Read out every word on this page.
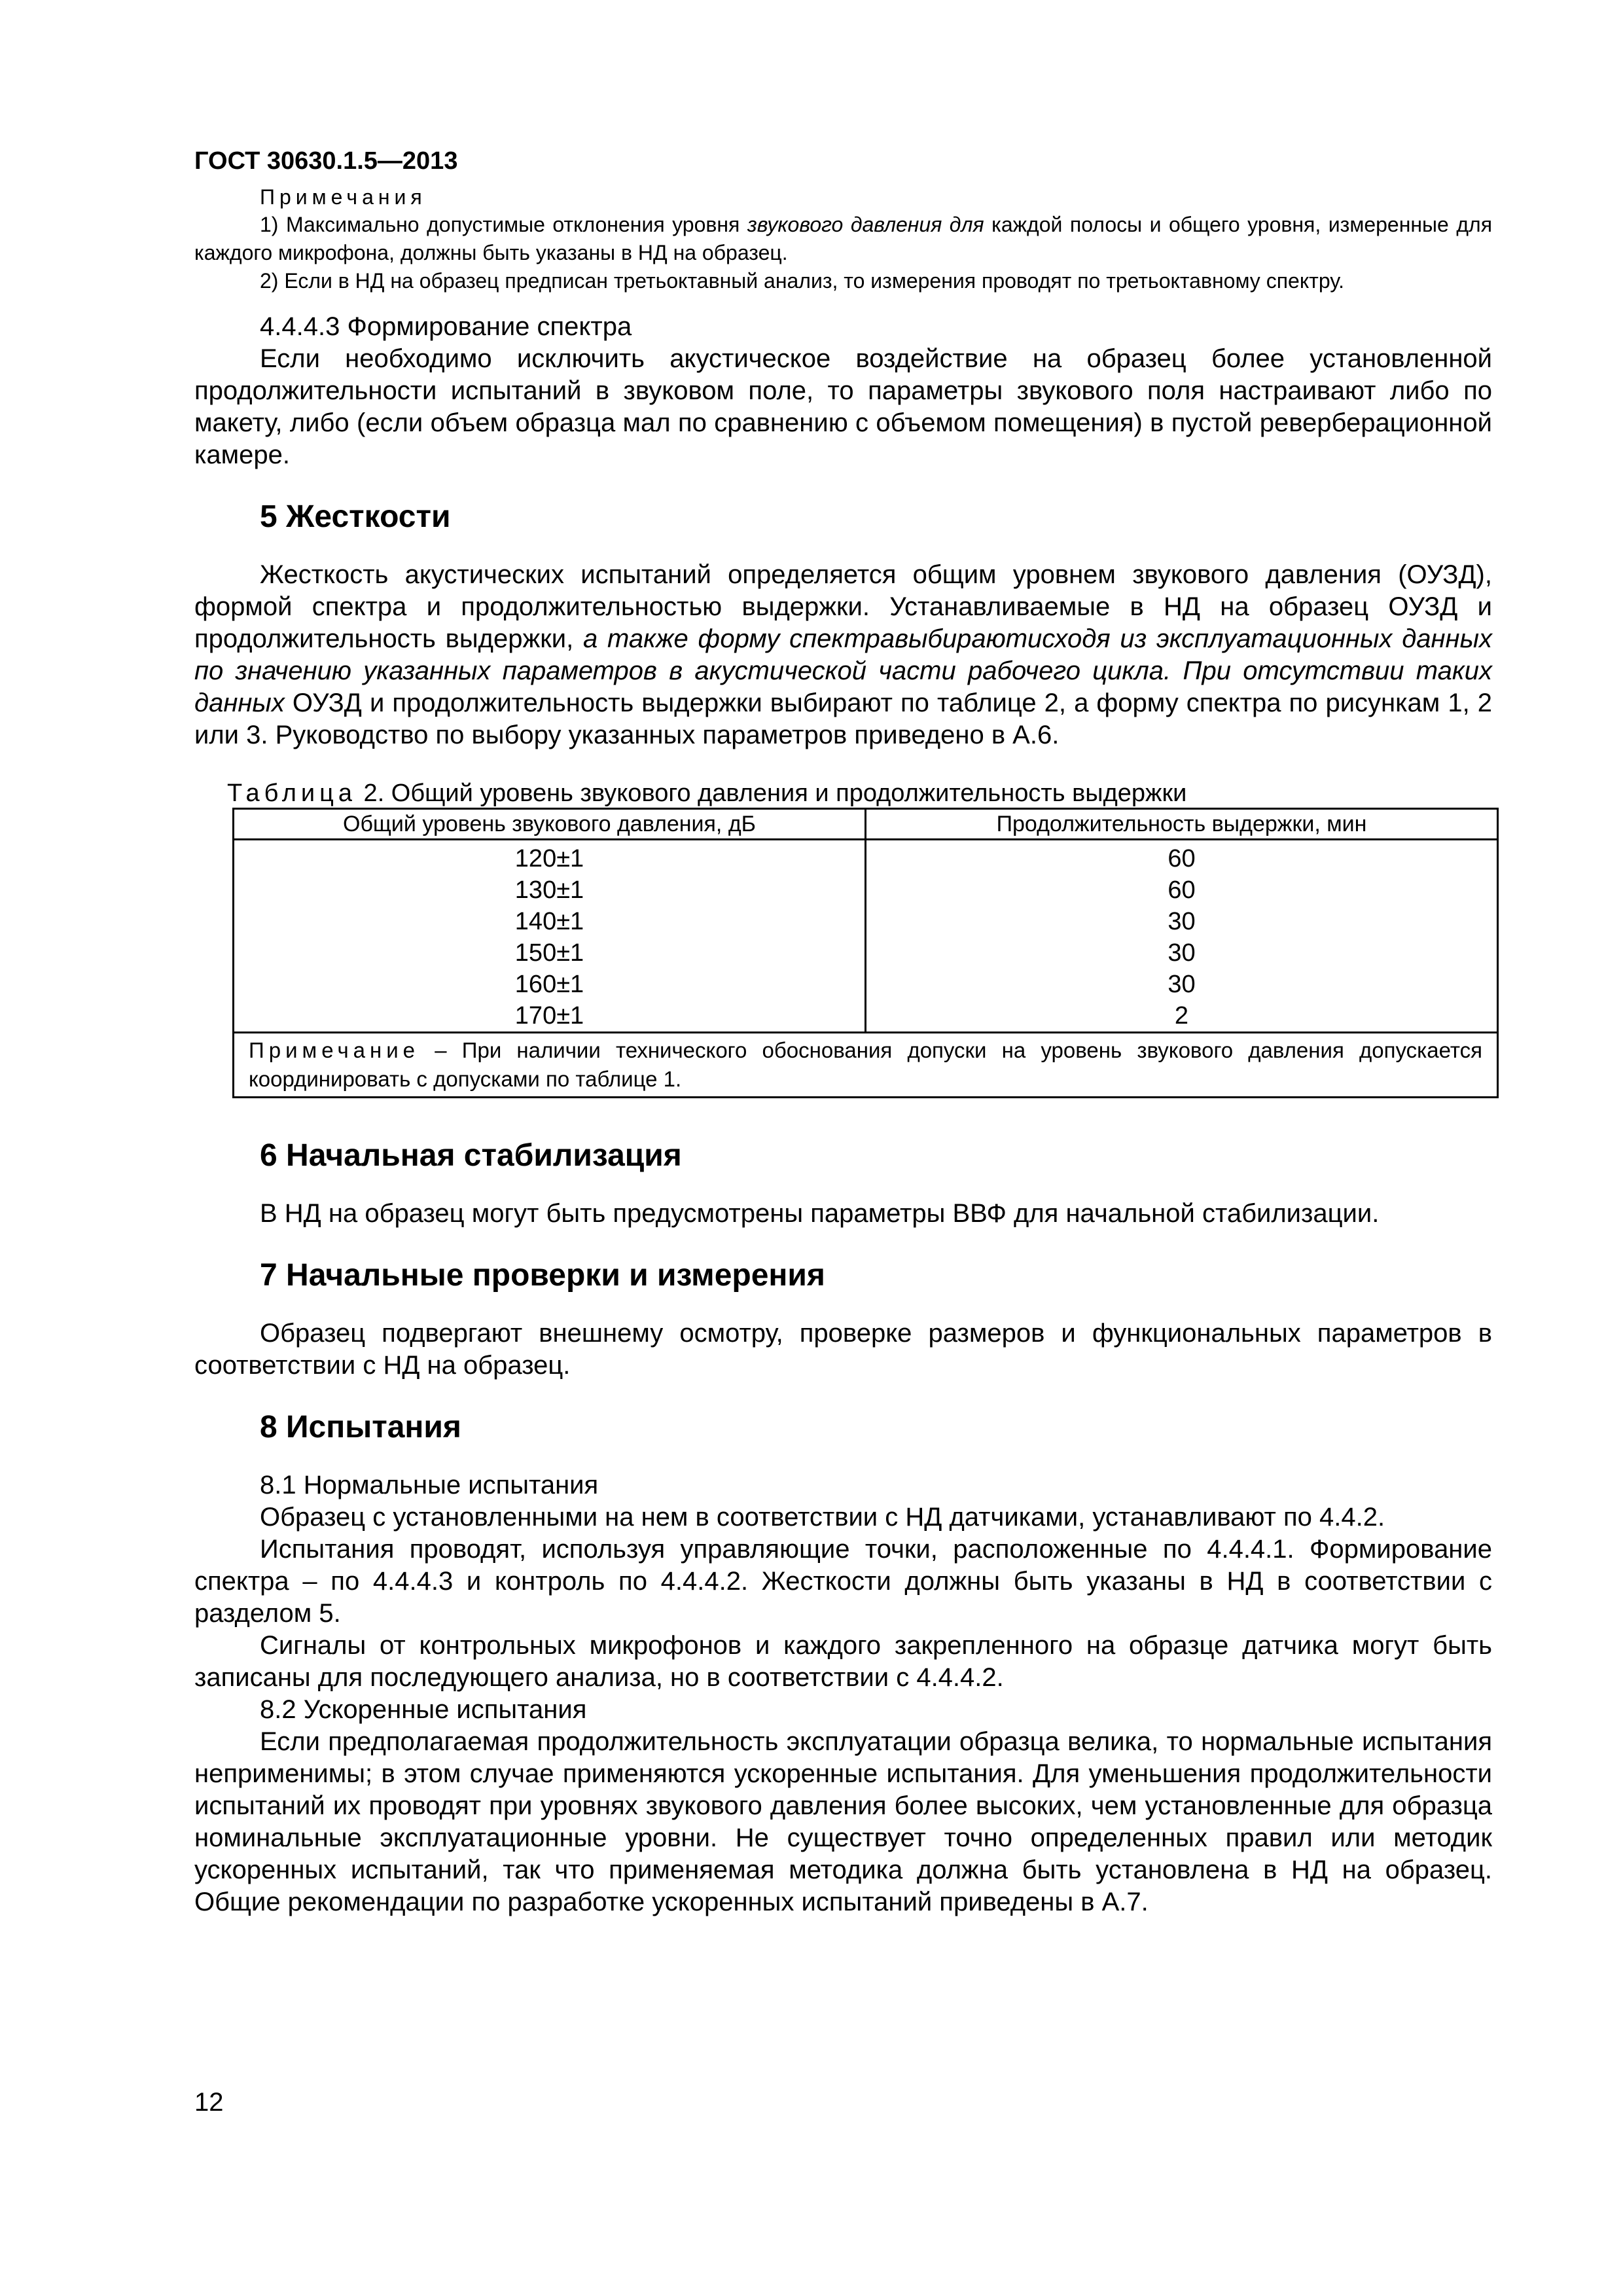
ГОСТ 30630.1.5—2013

Примечания

1) Максимально допустимые отклонения уровня звукового давления для каждой полосы и общего уровня, измеренные для каждого микрофона, должны быть указаны в НД на образец.

2) Если в НД на образец предписан третьоктавный анализ, то измерения проводят по третьоктавному спектру.

4.4.4.3 Формирование спектра

Если необходимо исключить акустическое воздействие на образец более установленной продолжительности испытаний в звуковом поле, то параметры звукового поля настраивают либо по макету, либо (если объем образца мал по сравнению с объемом помещения) в пустой реверберационной камере.

5 Жесткости

Жесткость акустических испытаний определяется общим уровнем звукового давления (ОУЗД), формой спектра и продолжительностью выдержки. Устанавливаемые в НД на образец ОУЗД и продолжительность выдержки, а также форму спектравыбираютисходя из эксплуатационных данных по значению указанных параметров в акустической части рабочего цикла. При отсутствии таких данных ОУЗД и продолжительность выдержки выбирают по таблице 2, а форму спектра по рисункам 1, 2 или 3. Руководство по выбору указанных параметров приведено в А.6.

Таблица 2. Общий уровень звукового давления и продолжительность выдержки

Общий уровень звукового давления, дБ	Продолжительность выдержки, мин
120±1	60
130±1	60
140±1	30
150±1	30
160±1	30
170±1	2
Примечание – При наличии технического обоснования допуски на уровень звукового давления допускается координировать с допусками по таблице 1.	
6 Начальная стабилизация

В НД на образец могут быть предусмотрены параметры ВВФ для начальной стабилизации.

7 Начальные проверки и измерения

Образец подвергают внешнему осмотру, проверке размеров и функциональных параметров в соответствии с НД на образец.

8 Испытания

8.1 Нормальные испытания

Образец с установленными на нем в соответствии с НД датчиками, устанавливают по 4.4.2.

Испытания проводят, используя управляющие точки, расположенные по 4.4.4.1. Формирование спектра – по 4.4.4.3 и контроль по 4.4.4.2. Жесткости должны быть указаны в НД в соответствии с разделом 5.

Сигналы от контрольных микрофонов и каждого закрепленного на образце датчика могут быть записаны для последующего анализа, но в соответствии с 4.4.4.2.

8.2 Ускоренные испытания

Если предполагаемая продолжительность эксплуатации образца велика, то нормальные испытания неприменимы; в этом случае применяются ускоренные испытания. Для уменьшения продолжительности испытаний их проводят при уровнях звукового давления более высоких, чем установленные для образца номинальные эксплуатационные уровни. Не существует точно определенных правил или методик ускоренных испытаний, так что применяемая методика должна быть установлена в НД на образец. Общие рекомендации по разработке ускоренных испытаний приведены в А.7.

12
